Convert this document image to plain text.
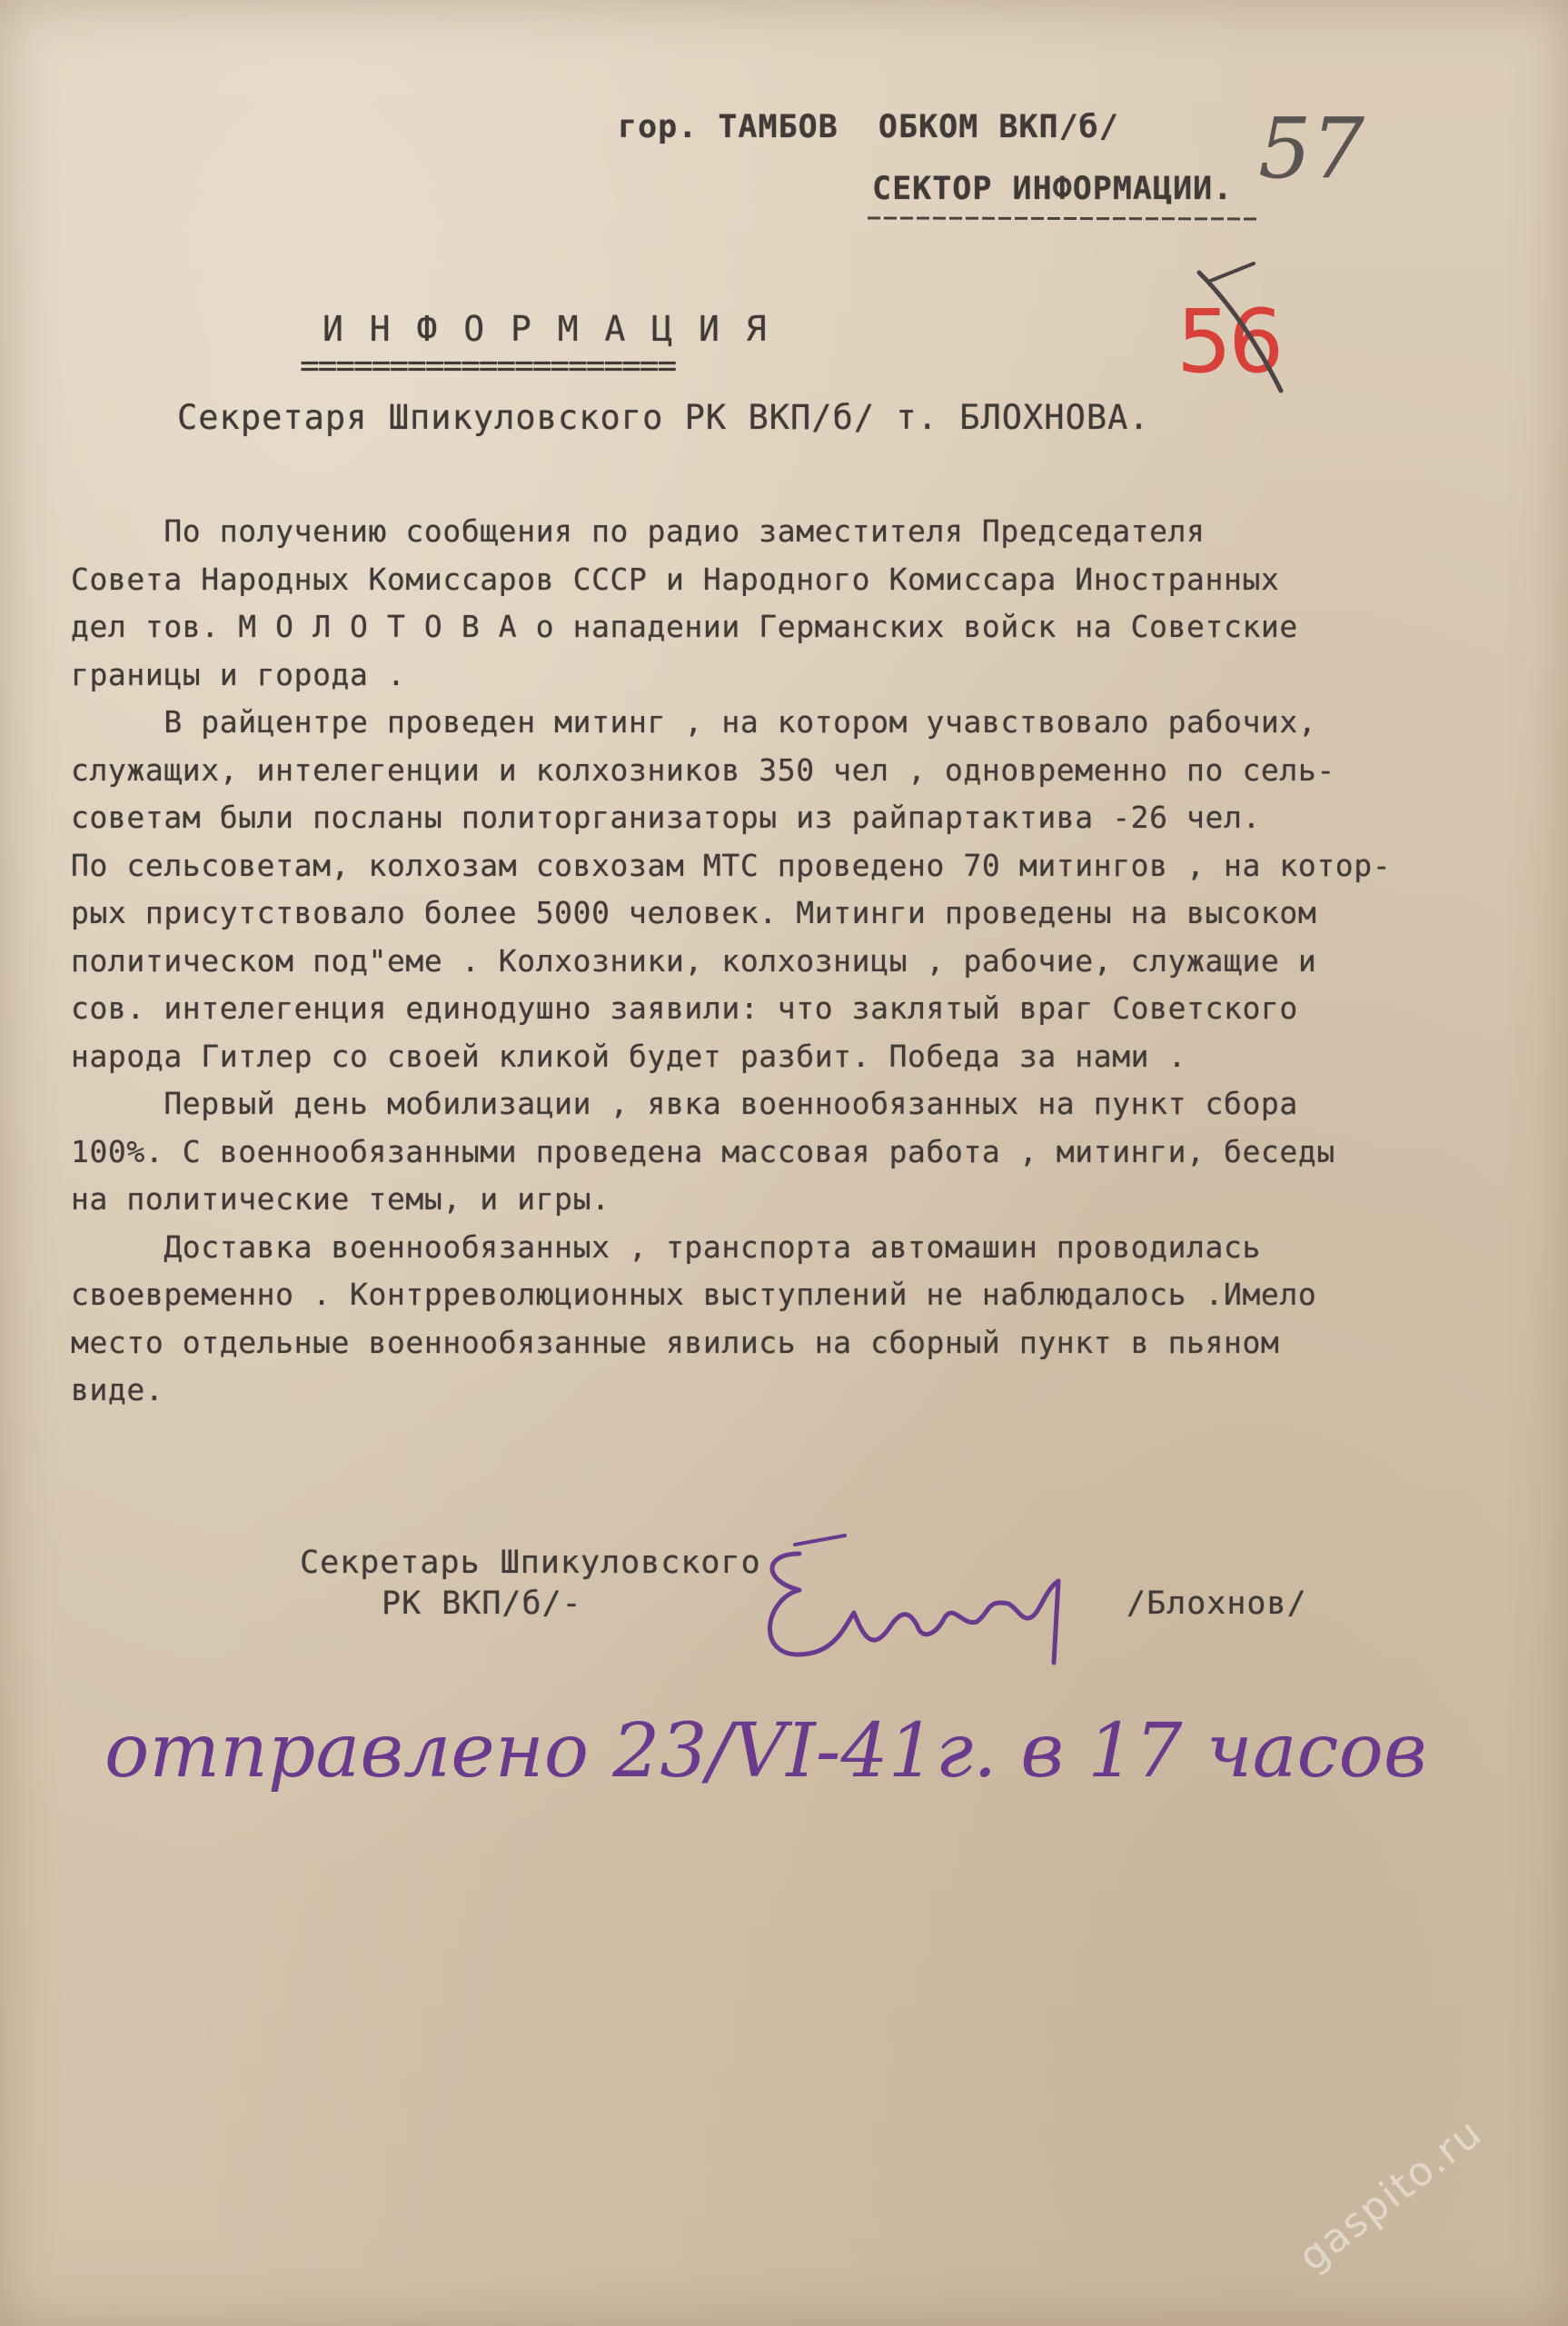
гор. ТАМБОВ  ОБКОМ ВКП/б/
СЕКТОР ИНФОРМАЦИИ. 57
56
И Н Ф О Р М А Ц И Я
=====================
Секретаря Шпикуловского РК ВКП/б/ т. БЛОХНОВА.
По получению сообщения по радио заместителя Председателя
Совета Народных Комиссаров СССР и Народного Комиссара Иностранных
дел тов. М О Л О Т О В А о нападении Германских войск на Советские
границы и города .
В райцентре проведен митинг , на котором учавствовало рабочих,
служащих, интелегенции и колхозников 350 чел , одновременно по сель-
советам были посланы политорганизаторы из райпартактива -26 чел.
По сельсоветам, колхозам совхозам МТС проведено 70 митингов , на котор-
рых присутствовало более 5000 человек. Митинги проведены на высоком
политическом под"еме . Колхозники, колхозницы , рабочие, служащие и
сов. интелегенция единодушно заявили: что заклятый враг Советского
народа Гитлер со своей кликой будет разбит. Победа за нами .
Первый день мобилизации , явка военнообязанных на пункт сбора
100%. С военнообязанными проведена массовая работа , митинги, беседы
на политические темы, и игры.
Доставка военнообязанных , транспорта автомашин проводилась
своевременно . Контрреволюционных выступлений не наблюдалось .Имело
место отдельные военнообязанные явились на сборный пункт в пьяном
виде.
Секретарь Шпикуловского
РК ВКП/б/-	/Блохнов/
отправлено 23/VI-41г. в 17 часов
gaspito.ru
